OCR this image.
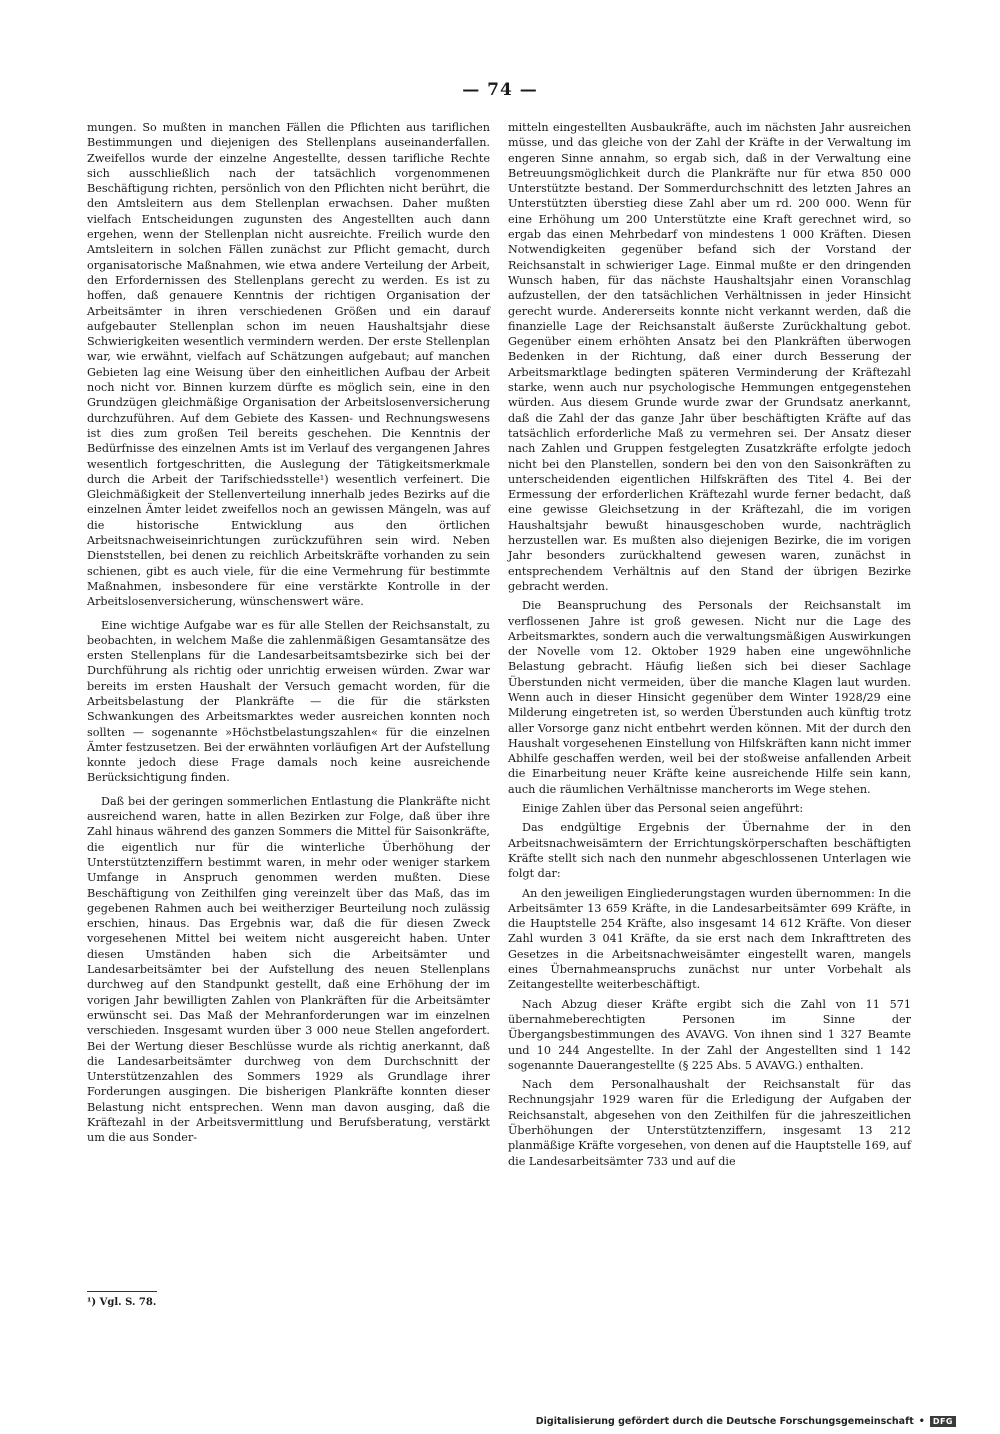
— 74 —

mungen. So mußten in manchen Fällen die Pflichten aus tariflichen Bestimmungen und diejenigen des Stellenplans auseinanderfallen. Zweifellos wurde der einzelne Angestellte, dessen tarifliche Rechte sich ausschließlich nach der tatsächlich vorgenommenen Beschäftigung richten, persönlich von den Pflichten nicht berührt, die den Amtsleitern aus dem Stellenplan erwachsen. Daher mußten vielfach Entscheidungen zugunsten des Angestellten auch dann ergehen, wenn der Stellenplan nicht ausreichte. Freilich wurde den Amtsleitern in solchen Fällen zunächst zur Pflicht gemacht, durch organisatorische Maßnahmen, wie etwa andere Verteilung der Arbeit, den Erfordernissen des Stellenplans gerecht zu werden. Es ist zu hoffen, daß genauere Kenntnis der richtigen Organisation der Arbeitsämter in ihren verschiedenen Größen und ein darauf aufgebauter Stellenplan schon im neuen Haushaltsjahr diese Schwierigkeiten wesentlich vermindern werden. Der erste Stellenplan war, wie erwähnt, vielfach auf Schätzungen aufgebaut; auf manchen Gebieten lag eine Weisung über den einheitlichen Aufbau der Arbeit noch nicht vor. Binnen kurzem dürfte es möglich sein, eine in den Grundzügen gleichmäßige Organisation der Arbeitslosenversicherung durchzuführen. Auf dem Gebiete des Kassen- und Rechnungswesens ist dies zum großen Teil bereits geschehen. Die Kenntnis der Bedürfnisse des einzelnen Amts ist im Verlauf des vergangenen Jahres wesentlich fortgeschritten, die Auslegung der Tätigkeitsmerkmale durch die Arbeit der Tarifschiedsstelle¹) wesentlich verfeinert. Die Gleichmäßigkeit der Stellenverteilung innerhalb jedes Bezirks auf die einzelnen Ämter leidet zweifellos noch an gewissen Mängeln, was auf die historische Entwicklung aus den örtlichen Arbeitsnachweiseinrichtungen zurückzuführen sein wird. Neben Dienststellen, bei denen zu reichlich Arbeitskräfte vorhanden zu sein schienen, gibt es auch viele, für die eine Vermehrung für bestimmte Maßnahmen, insbesondere für eine verstärkte Kontrolle in der Arbeitslosenversicherung, wünschenswert wäre.

Eine wichtige Aufgabe war es für alle Stellen der Reichsanstalt, zu beobachten, in welchem Maße die zahlenmäßigen Gesamtansätze des ersten Stellenplans für die Landesarbeitsamtsbezirke sich bei der Durchführung als richtig oder unrichtig erweisen würden. Zwar war bereits im ersten Haushalt der Versuch gemacht worden, für die Arbeitsbelastung der Plankräfte — die für die stärksten Schwankungen des Arbeitsmarktes weder ausreichen konnten noch sollten — sogenannte »Höchstbelastungszahlen« für die einzelnen Ämter festzusetzen. Bei der erwähnten vorläufigen Art der Aufstellung konnte jedoch diese Frage damals noch keine ausreichende Berücksichtigung finden.

Daß bei der geringen sommerlichen Entlastung die Plankräfte nicht ausreichend waren, hatte in allen Bezirken zur Folge, daß über ihre Zahl hinaus während des ganzen Sommers die Mittel für Saisonkräfte, die eigentlich nur für die winterliche Überhöhung der Unterstütztenziffern bestimmt waren, in mehr oder weniger starkem Umfange in Anspruch genommen werden mußten. Diese Beschäftigung von Zeithilfen ging vereinzelt über das Maß, das im gegebenen Rahmen auch bei weitherziger Beurteilung noch zulässig erschien, hinaus. Das Ergebnis war, daß die für diesen Zweck vorgesehenen Mittel bei weitem nicht ausgereicht haben. Unter diesen Umständen haben sich die Arbeitsämter und Landesarbeitsämter bei der Aufstellung des neuen Stellenplans durchweg auf den Standpunkt gestellt, daß eine Erhöhung der im vorigen Jahr bewilligten Zahlen von Plankräften für die Arbeitsämter erwünscht sei. Das Maß der Mehranforderungen war im einzelnen verschieden. Insgesamt wurden über 3 000 neue Stellen angefordert. Bei der Wertung dieser Beschlüsse wurde als richtig anerkannt, daß die Landesarbeitsämter durchweg von dem Durchschnitt der Unterstützenzahlen des Sommers 1929 als Grundlage ihrer Forderungen ausgingen. Die bisherigen Plankräfte konnten dieser Belastung nicht entsprechen. Wenn man davon ausging, daß die Kräftezahl in der Arbeitsvermittlung und Berufsberatung, verstärkt um die aus Sonder-

mitteln eingestellten Ausbaukräfte, auch im nächsten Jahr ausreichen müsse, und das gleiche von der Zahl der Kräfte in der Verwaltung im engeren Sinne annahm, so ergab sich, daß in der Verwaltung eine Betreuungsmöglichkeit durch die Plankräfte nur für etwa 850 000 Unterstützte bestand. Der Sommerdurchschnitt des letzten Jahres an Unterstützten überstieg diese Zahl aber um rd. 200 000. Wenn für eine Erhöhung um 200 Unterstützte eine Kraft gerechnet wird, so ergab das einen Mehrbedarf von mindestens 1 000 Kräften. Diesen Notwendigkeiten gegenüber befand sich der Vorstand der Reichsanstalt in schwieriger Lage. Einmal mußte er den dringenden Wunsch haben, für das nächste Haushaltsjahr einen Voranschlag aufzustellen, der den tatsächlichen Verhältnissen in jeder Hinsicht gerecht wurde. Andererseits konnte nicht verkannt werden, daß die finanzielle Lage der Reichsanstalt äußerste Zurückhaltung gebot. Gegenüber einem erhöhten Ansatz bei den Plankräften überwogen Bedenken in der Richtung, daß einer durch Besserung der Arbeitsmarktlage bedingten späteren Verminderung der Kräftezahl starke, wenn auch nur psychologische Hemmungen entgegenstehen würden. Aus diesem Grunde wurde zwar der Grundsatz anerkannt, daß die Zahl der das ganze Jahr über beschäftigten Kräfte auf das tatsächlich erforderliche Maß zu vermehren sei. Der Ansatz dieser nach Zahlen und Gruppen festgelegten Zusatzkräfte erfolgte jedoch nicht bei den Planstellen, sondern bei den von den Saisonkräften zu unterscheidenden eigentlichen Hilfskräften des Titel 4. Bei der Ermessung der erforderlichen Kräftezahl wurde ferner bedacht, daß eine gewisse Gleichsetzung in der Kräftezahl, die im vorigen Haushaltsjahr bewußt hinausgeschoben wurde, nachträglich herzustellen war. Es mußten also diejenigen Bezirke, die im vorigen Jahr besonders zurückhaltend gewesen waren, zunächst in entsprechendem Verhältnis auf den Stand der übrigen Bezirke gebracht werden.

Die Beanspruchung des Personals der Reichsanstalt im verflossenen Jahre ist groß gewesen. Nicht nur die Lage des Arbeitsmarktes, sondern auch die verwaltungsmäßigen Auswirkungen der Novelle vom 12. Oktober 1929 haben eine ungewöhnliche Belastung gebracht. Häufig ließen sich bei dieser Sachlage Überstunden nicht vermeiden, über die manche Klagen laut wurden. Wenn auch in dieser Hinsicht gegenüber dem Winter 1928/29 eine Milderung eingetreten ist, so werden Überstunden auch künftig trotz aller Vorsorge ganz nicht entbehrt werden können. Mit der durch den Haushalt vorgesehenen Einstellung von Hilfskräften kann nicht immer Abhilfe geschaffen werden, weil bei der stoßweise anfallenden Arbeit die Einarbeitung neuer Kräfte keine ausreichende Hilfe sein kann, auch die räumlichen Verhältnisse mancherorts im Wege stehen.

Einige Zahlen über das Personal seien angeführt:

Das endgültige Ergebnis der Übernahme der in den Arbeitsnachweisämtern der Errichtungskörperschaften beschäftigten Kräfte stellt sich nach den nunmehr abgeschlossenen Unterlagen wie folgt dar:

An den jeweiligen Eingliederungstagen wurden übernommen: In die Arbeitsämter 13 659 Kräfte, in die Landesarbeitsämter 699 Kräfte, in die Hauptstelle 254 Kräfte, also insgesamt 14 612 Kräfte. Von dieser Zahl wurden 3 041 Kräfte, da sie erst nach dem Inkrafttreten des Gesetzes in die Arbeitsnachweisämter eingestellt waren, mangels eines Übernahmeanspruchs zunächst nur unter Vorbehalt als Zeitangestellte weiterbeschäftigt.

Nach Abzug dieser Kräfte ergibt sich die Zahl von 11 571 übernahmeberechtigten Personen im Sinne der Übergangsbestimmungen des AVAVG. Von ihnen sind 1 327 Beamte und 10 244 Angestellte. In der Zahl der Angestellten sind 1 142 sogenannte Dauerangestellte (§ 225 Abs. 5 AVAVG.) enthalten.

Nach dem Personalhaushalt der Reichsanstalt für das Rechnungsjahr 1929 waren für die Erledigung der Aufgaben der Reichsanstalt, abgesehen von den Zeithilfen für die jahreszeitlichen Überhöhungen der Unterstütztenziffern, insgesamt 13 212 planmäßige Kräfte vorgesehen, von denen auf die Hauptstelle 169, auf die Landesarbeitsämter 733 und auf die

¹) Vgl. S. 78.
Digitalisierung gefördert durch die Deutsche Forschungsgemeinschaft •	DFG
